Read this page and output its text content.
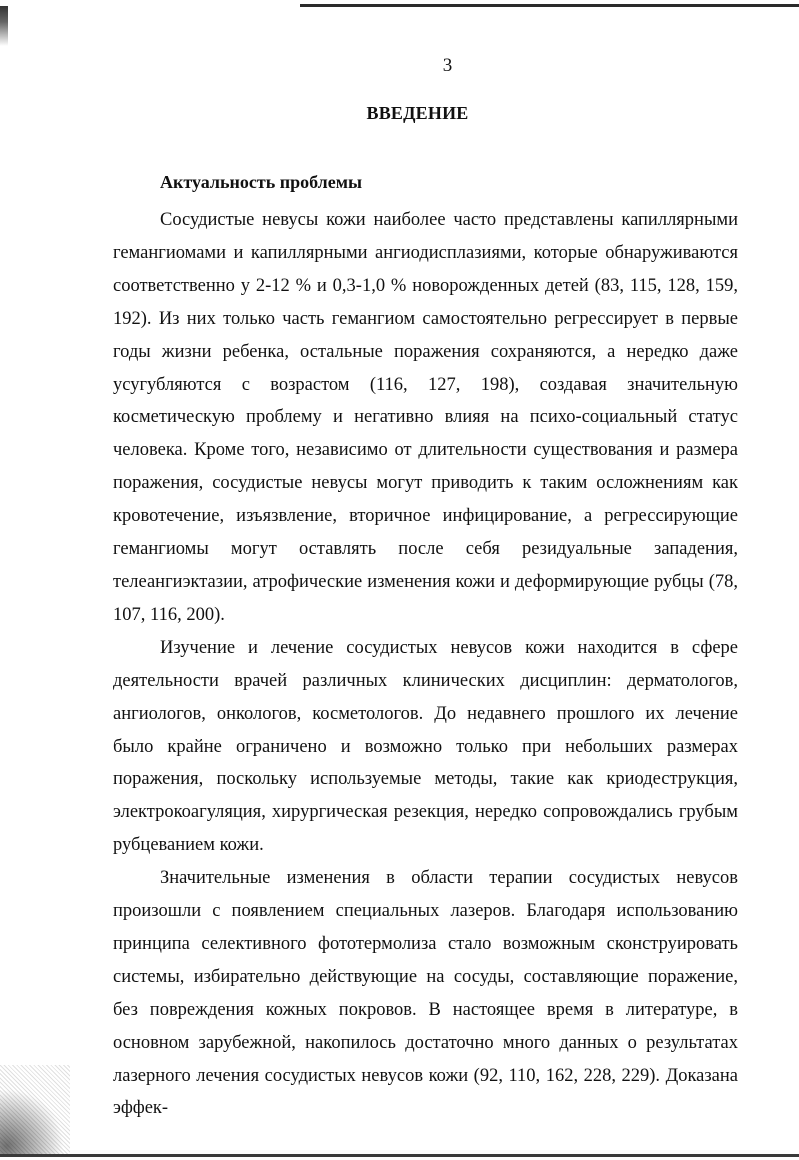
3
ВВЕДЕНИЕ
Актуальность проблемы

Сосудистые невусы кожи наиболее часто представлены капиллярными гемангиомами и капиллярными ангиодисплазиями, которые обнаруживаются соответственно у 2-12 % и 0,3-1,0 % новорожденных детей (83, 115, 128, 159, 192). Из них только часть гемангиом самостоятельно регрессирует в первые годы жизни ребенка, остальные поражения сохраняются, а нередко даже усугубляются с возрастом (116, 127, 198), создавая значительную косметическую проблему и негативно влияя на психо-социальный статус человека. Кроме того, независимо от длительности существования и размера поражения, сосудистые невусы могут приводить к таким осложнениям как кровотечение, изъязвление, вторичное инфицирование, а регрессирующие гемангиомы могут оставлять после себя резидуальные западения, телеангиэктазии, атрофические изменения кожи и деформирующие рубцы (78, 107, 116, 200).

Изучение и лечение сосудистых невусов кожи находится в сфере деятельности врачей различных клинических дисциплин: дерматологов, ангиологов, онкологов, косметологов. До недавнего прошлого их лечение было крайне ограничено и возможно только при небольших размерах поражения, поскольку используемые методы, такие как криодеструкция, электрокоагуляция, хирургическая резекция, нередко сопровождались грубым рубцеванием кожи.

Значительные изменения в области терапии сосудистых невусов произошли с появлением специальных лазеров. Благодаря использованию принципа селективного фототермолиза стало возможным сконструировать системы, избирательно действующие на сосуды, составляющие поражение, без повреждения кожных покровов. В настоящее время в литературе, в основном зарубежной, накопилось достаточно много данных о результатах лазерного лечения сосудистых невусов кожи (92, 110, 162, 228, 229). Доказана эффек-
